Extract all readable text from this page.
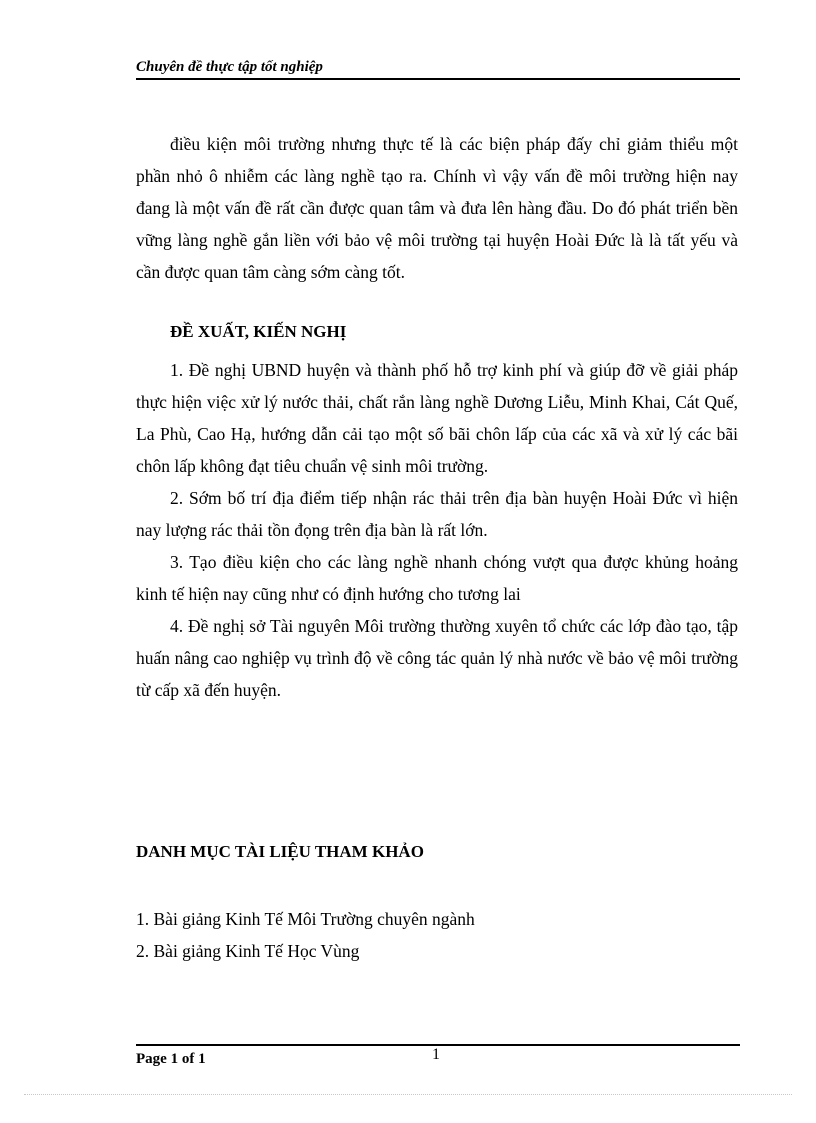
Chuyên đề thực tập tốt nghiệp

điều kiện môi trường nhưng thực tế là các biện pháp đấy chỉ giảm thiểu một phần nhỏ ô nhiễm các làng nghề tạo ra. Chính vì vậy vấn đề môi trường hiện nay đang là một vấn đề rất cần được quan tâm và đưa lên hàng đầu. Do đó phát triển bền vững làng nghề gắn liền với bảo vệ môi trường tại huyện Hoài Đức là là tất yếu và cần được quan tâm càng sớm càng tốt.

ĐỀ XUẤT, KIẾN NGHỊ

1. Đề nghị UBND huyện và thành phố hỗ trợ kinh phí và giúp đỡ về giải pháp thực hiện việc xử lý nước thải, chất rắn làng nghề Dương Liễu, Minh Khai, Cát Quế, La Phù, Cao Hạ, hướng dẫn cải tạo một số bãi chôn lấp của các xã và xử lý các bãi chôn lấp không đạt tiêu chuẩn vệ sinh môi trường.

2. Sớm bố trí địa điểm tiếp nhận rác thải trên địa bàn huyện Hoài Đức vì hiện nay lượng rác thải tồn đọng trên địa bàn là rất lớn.

3. Tạo điều kiện cho các làng nghề nhanh chóng vượt qua được khủng hoảng kinh tế hiện nay cũng như có định hướng cho tương lai

4. Đề nghị sở Tài nguyên Môi trường thường xuyên tổ chức các lớp đào tạo, tập huấn nâng cao nghiệp vụ trình độ về công tác quản lý nhà nước về bảo vệ môi trường từ cấp xã đến huyện.

DANH MỤC TÀI LIỆU THAM KHẢO

1. Bài giảng Kinh Tế Môi Trường chuyên ngành
2. Bài giảng Kinh Tế Học Vùng
Page 1 of 1	1
